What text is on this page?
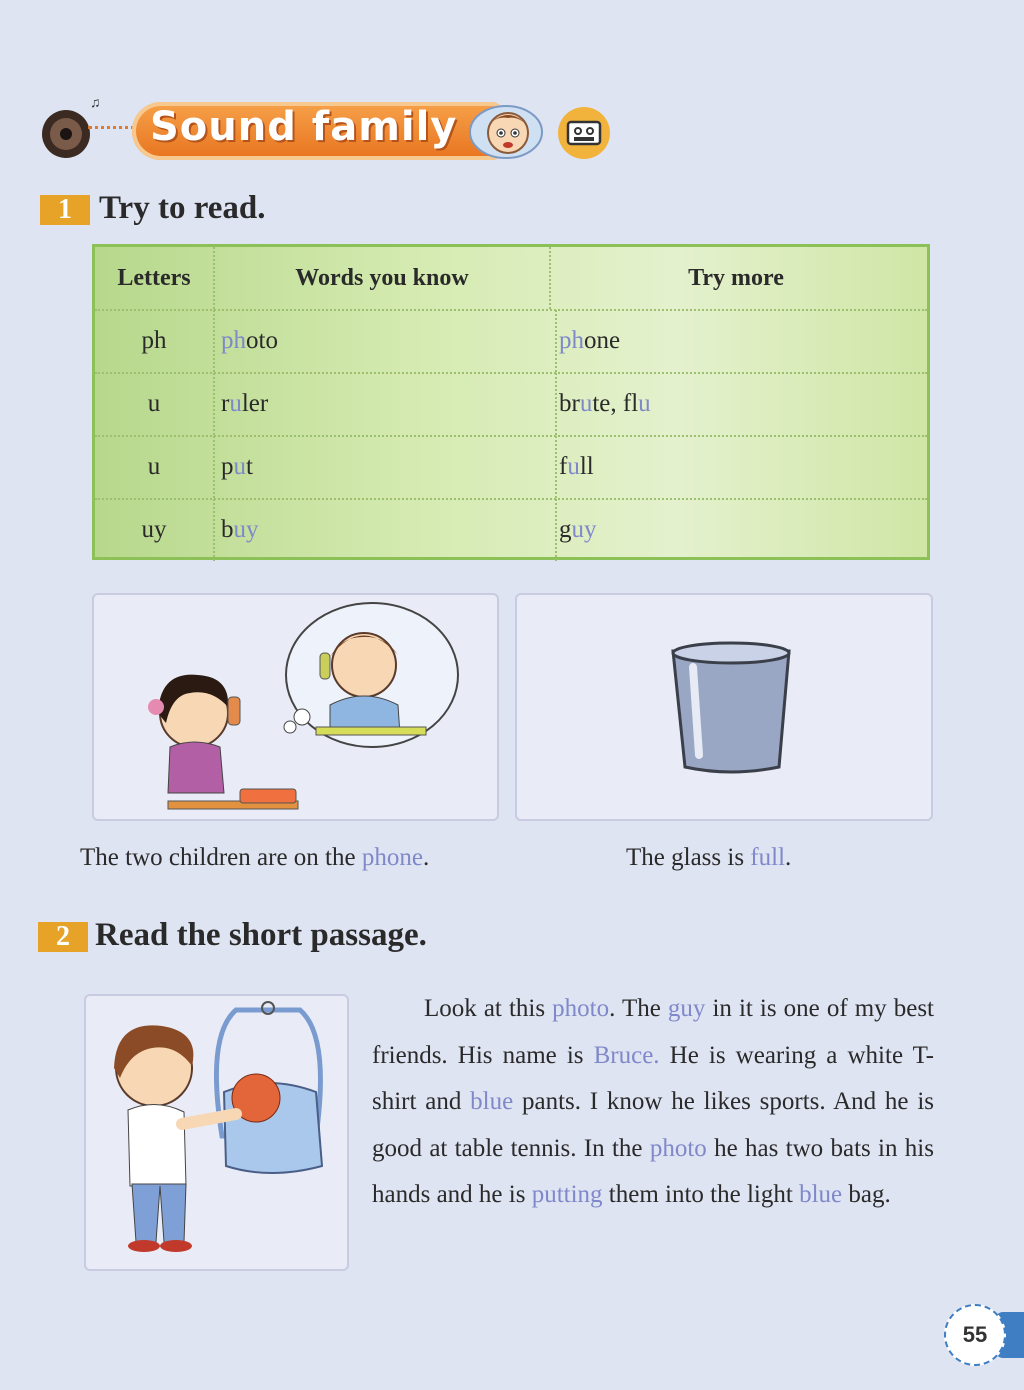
♫
Sound family
1 Try to read.
Letters	Words you know	Try more
ph	photo	phone
u	ruler	brute, flu
u	put	full
uy	buy	guy
The two children are on the phone.	The glass is full.
2 Read the short passage.
Look at this photo. The guy in it is one of my best friends. His name is Bruce. He is wearing a white T-shirt and blue pants. I know he likes sports. And he is good at table tennis. In the photo he has two bats in his hands and he is putting them into the light blue bag.
55
